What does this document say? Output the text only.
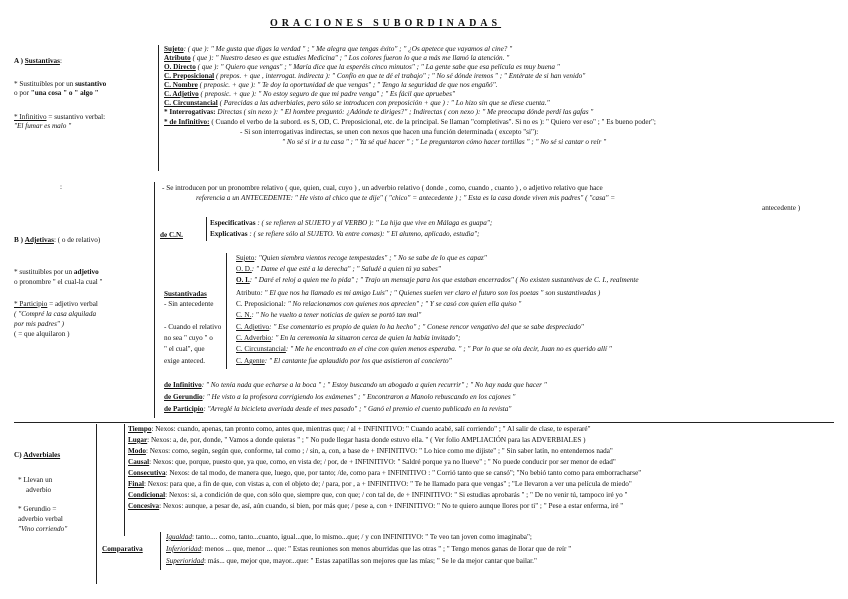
ORACIONES SUBORDINADAS
A ) Sustantivas:
* Sustituibles por un sustantivo
o por "una cosa " o " algo "
* Infinitivo = sustantivo verbal:
"El fumar es malo "
Sujeto: ( que ): " Me gusta que digas la verdad " ; " Me alegra que tengas éxito" ; " ¿Os apetece que vayamos al cine? "
Atributo ( que ): " Nuestro deseo es que estudies Medicina" ; " Los colores fueron lo que a más me llamó la atención. "
O. Directo ( que ): " Quiero que vengas" ; " María dice que la esperéis cinco minutos" ; " La gente sabe que esa película es muy buena "
C. Preposicional ( prepos. + que , interrogat. indirecta ): " Confío en que te dé el trabajo" ; " No sé dónde iremos " ; " Entérate de si han venido"
C. Nombre ( preposic. + que ): " Te doy la oportunidad de que vengas" ; " Tengo la seguridad de que nos engañó".
C. Adjetivo ( preposic. + que ): " No estoy seguro de que mi padre venga" ; " Es fácil que apruebes"
C. Circunstancial ( Parecidas a las adverbiales, pero sólo se introducen con preposición + que ) : " Lo hizo sin que se diese cuenta."
* Interrogativas: Directas ( sin nexo ): " El hombre preguntó: ¿Adónde te diriges?" ; Indirectas ( con nexo ): " Me preocupa dónde perdí las gafas "
* de Infinitivo: ( Cuando el verbo de la subord. es S, OD, C. Preposicional, etc. de la principal. Se llaman "completivas". Si no es ): " Quiero ver eso" ; " Es bueno poder";
- Si son interrogativas indirectas, se unen con nexos que hacen una función determinada ( excepto "si"):
" No sé si ir a tu casa " ; " Ya sé qué hacer " ; " Le preguntaron cómo hacer tortillas " ; " No sé si cantar o reír "
:
B ) Adjetivas: ( o de relativo)
* sustituibles por un adjetivo
o pronombre " el cual-la cual "
* Participio = adjetivo verbal
( "Compré la casa alquilada
por mis padres" )
( = que alquilaron )
- Se introducen por un pronombre relativo ( que, quien, cual, cuyo ) , un adverbio relativo ( donde , como, cuando , cuanto ) , o adjetivo relativo que hace
referencia a un ANTECEDENTE: " He visto al chico que te dije" ( "chico" = antecedente ) ; " Esta es la casa donde viven mis padres" ( "casa" =
antecedente )
de C.N.
Especificativas : ( se refieren al SUJETO y al VERBO ): " La hija que vive en Málaga es guapa";
Explicativas : ( se refiere sólo al SUJETO. Va entre comas): " El alumno, aplicado, estudia";
Sustantivadas
- Sin antecedente
Sujeto: "Quien siembra vientos recoge tempestades" ; " No se sabe de lo que es capaz"
O. D.: " Dame el que esté a la derecha" ; " Saludé a quien tú ya sabes"
O. I.: " Daré el reloj a quien me lo pida" ; " Trajo un mensaje para los que estaban encerrados" ( No existen sustantivas de C. I., realmente
Atributo: " El que nos ha llamado es mi amigo Luis" ; " Quienes suelen ver claro el futuro son los poetas " son sustantivadas )
C. Preposicional: " No relacionamos con quienes nos aprecien" ; " Y se casó con quien ella quiso "
C. N.: " No he vuelto a tener noticias de quien se portó tan mal"
- Cuando el relativo
no sea " cuyo " o
" el cual", que
exige anteced.
C. Adjetivo: " Ese comentario es propio de quien lo ha hecho" ; " Conese rencor vengativo del que se sabe despreciado"
C. Adverbio: " En la ceremonia la situaron cerca de quien la había invitado";
C. Circunstancial: " Me he encontrado en el cine con quien menos esperaba. " ; " Por lo que se ola decir, Juan no es querido allí "
C. Agente: " El cantante fue aplaudido por los que asistieron al concierto"
de Infinitivo: " No tenía nada que echarse a la boca " ; " Estoy buscando un abogado a quien recurrir" ; " No hay nada que hacer "
de Gerundio: " He visto a la profesora corrigiendo los exámenes" ; " Encontraron a Manolo rebuscando en los cajones "
de Participio: "Arreglé la bicicleta averiada desde el mes pasado" ; " Ganó el premio el cuento publicado en la revista"
C) Adverbiales
* Llevan un
adverbio
* Gerundio =
adverbio verbal
"Vino corriendo"
Tiempo: Nexos: cuando, apenas, tan pronto como, antes que, mientras que; / al + INFINITIVO: " Cuando acabé, salí corriendo" ; " Al salir de clase, te esperaré"
Lugar: Nexos: a, de, por, donde, " Vamos a donde quieras " ; " No pude llegar hasta donde estuvo ella. " ( Ver folio AMPLIACIÓN para las ADVERBIALES )
Modo: Nexos: como, según, según que, conforme, tal como ; / sin, a, con, a base de + INFINITIVO: " Lo hice como me dijiste" ; " Sin saber latín, no entendemos nada"
Causal: Nexos: que, porque, puesto que, ya que, como, en vista de; / por, de + INFINITIVO: " Saldré porque ya no llueve" ; " No puede conducir por ser menor de edad"
Consecutiva: Nexos: de tal modo, de manera que, luego, que, por tanto; /de, como para + INFINITIVO : " Corrió tanto que se cansó"; "No bebió tanto como para emborracharse"
Final: Nexos: para que, a fin de que, con vistas a, con el objeto de; / para, por , a + INFINITIVO: " Te he llamado para que vengas" ; "Le llevaron a ver una película de miedo"
Condicional: Nexos: si, a condición de que, con sólo que, siempre que, con que; / con tal de, de + INFINITIVO: " Si estudias aprobarás " ; " De no venir tú, tampoco iré yo "
Concesiva: Nexos: aunque, a pesar de, así, aún cuando, si bien, por más que; / pese a, con + INFINITIVO: " No te quiero aunque llores por ti" ; " Pese a estar enferma, iré "
Comparativa
Igualdad: tanto.... como, tanto...cuanto, igual...que, lo mismo...que; / y con INFINITIVO: " Te veo tan joven como imaginaba";
Inferioridad: menos ... que, menor ... que: " Estas reuniones son menos aburridas que las otras " ; " Tengo menos ganas de llorar que de reír "
Superioridad: más... que, mejor que, mayor...que: " Estas zapatillas son mejores que las mías; " Se le da mejor cantar que bailar."
